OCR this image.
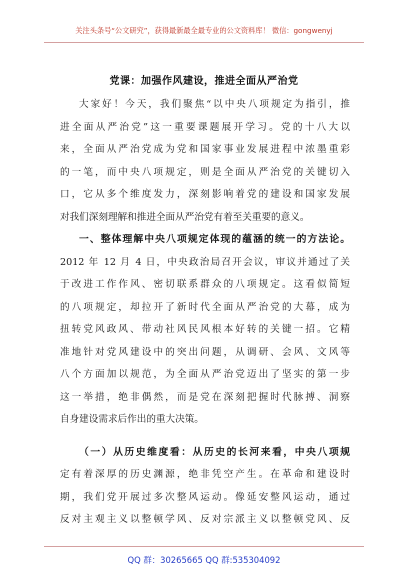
关注头条号“公文研究”，获得最新最全最专业的公文资料库！ 微信：gongwenyj
党课：加强作风建设，推进全面从严治党
大家好！今天，我们聚焦“以中央八项规定为指引，推
进全面从严治党”这一重要课题展开学习。党的十八大以
来，全面从严治党成为党和国家事业发展进程中浓墨重彩
的一笔，而中央八项规定，则是全面从严治党的关键切入
口，它从多个维度发力，深刻影响着党的建设和国家发展
对我们深刻理解和推进全面从严治党有着至关重要的意义。
一、整体理解中央八项规定体现的蕴涵的统一的方法论。
2012 年 12 月 4 日，中央政治局召开会议，审议并通过了关
于改进工作作风、密切联系群众的八项规定。这看似简短
的八项规定，却拉开了新时代全面从严治党的大幕，成为
扭转党风政风、带动社风民风根本好转的关键一招。它精
准地针对党风建设中的突出问题，从调研、会风、文风等
八个方面加以规范，为全面从严治党迈出了坚实的第一步
这一举措，绝非偶然，而是党在深刻把握时代脉搏、洞察
自身建设需求后作出的重大决策。
（一）从历史维度看：从历史的长河来看，中央八项规
定有着深厚的历史渊源，绝非凭空产生。在革命和建设时
期，我们党开展过多次整风运动。像延安整风运动，通过
反对主观主义以整顿学风、反对宗派主义以整顿党风、反
QQ 群：30265665 QQ 群:535304092
